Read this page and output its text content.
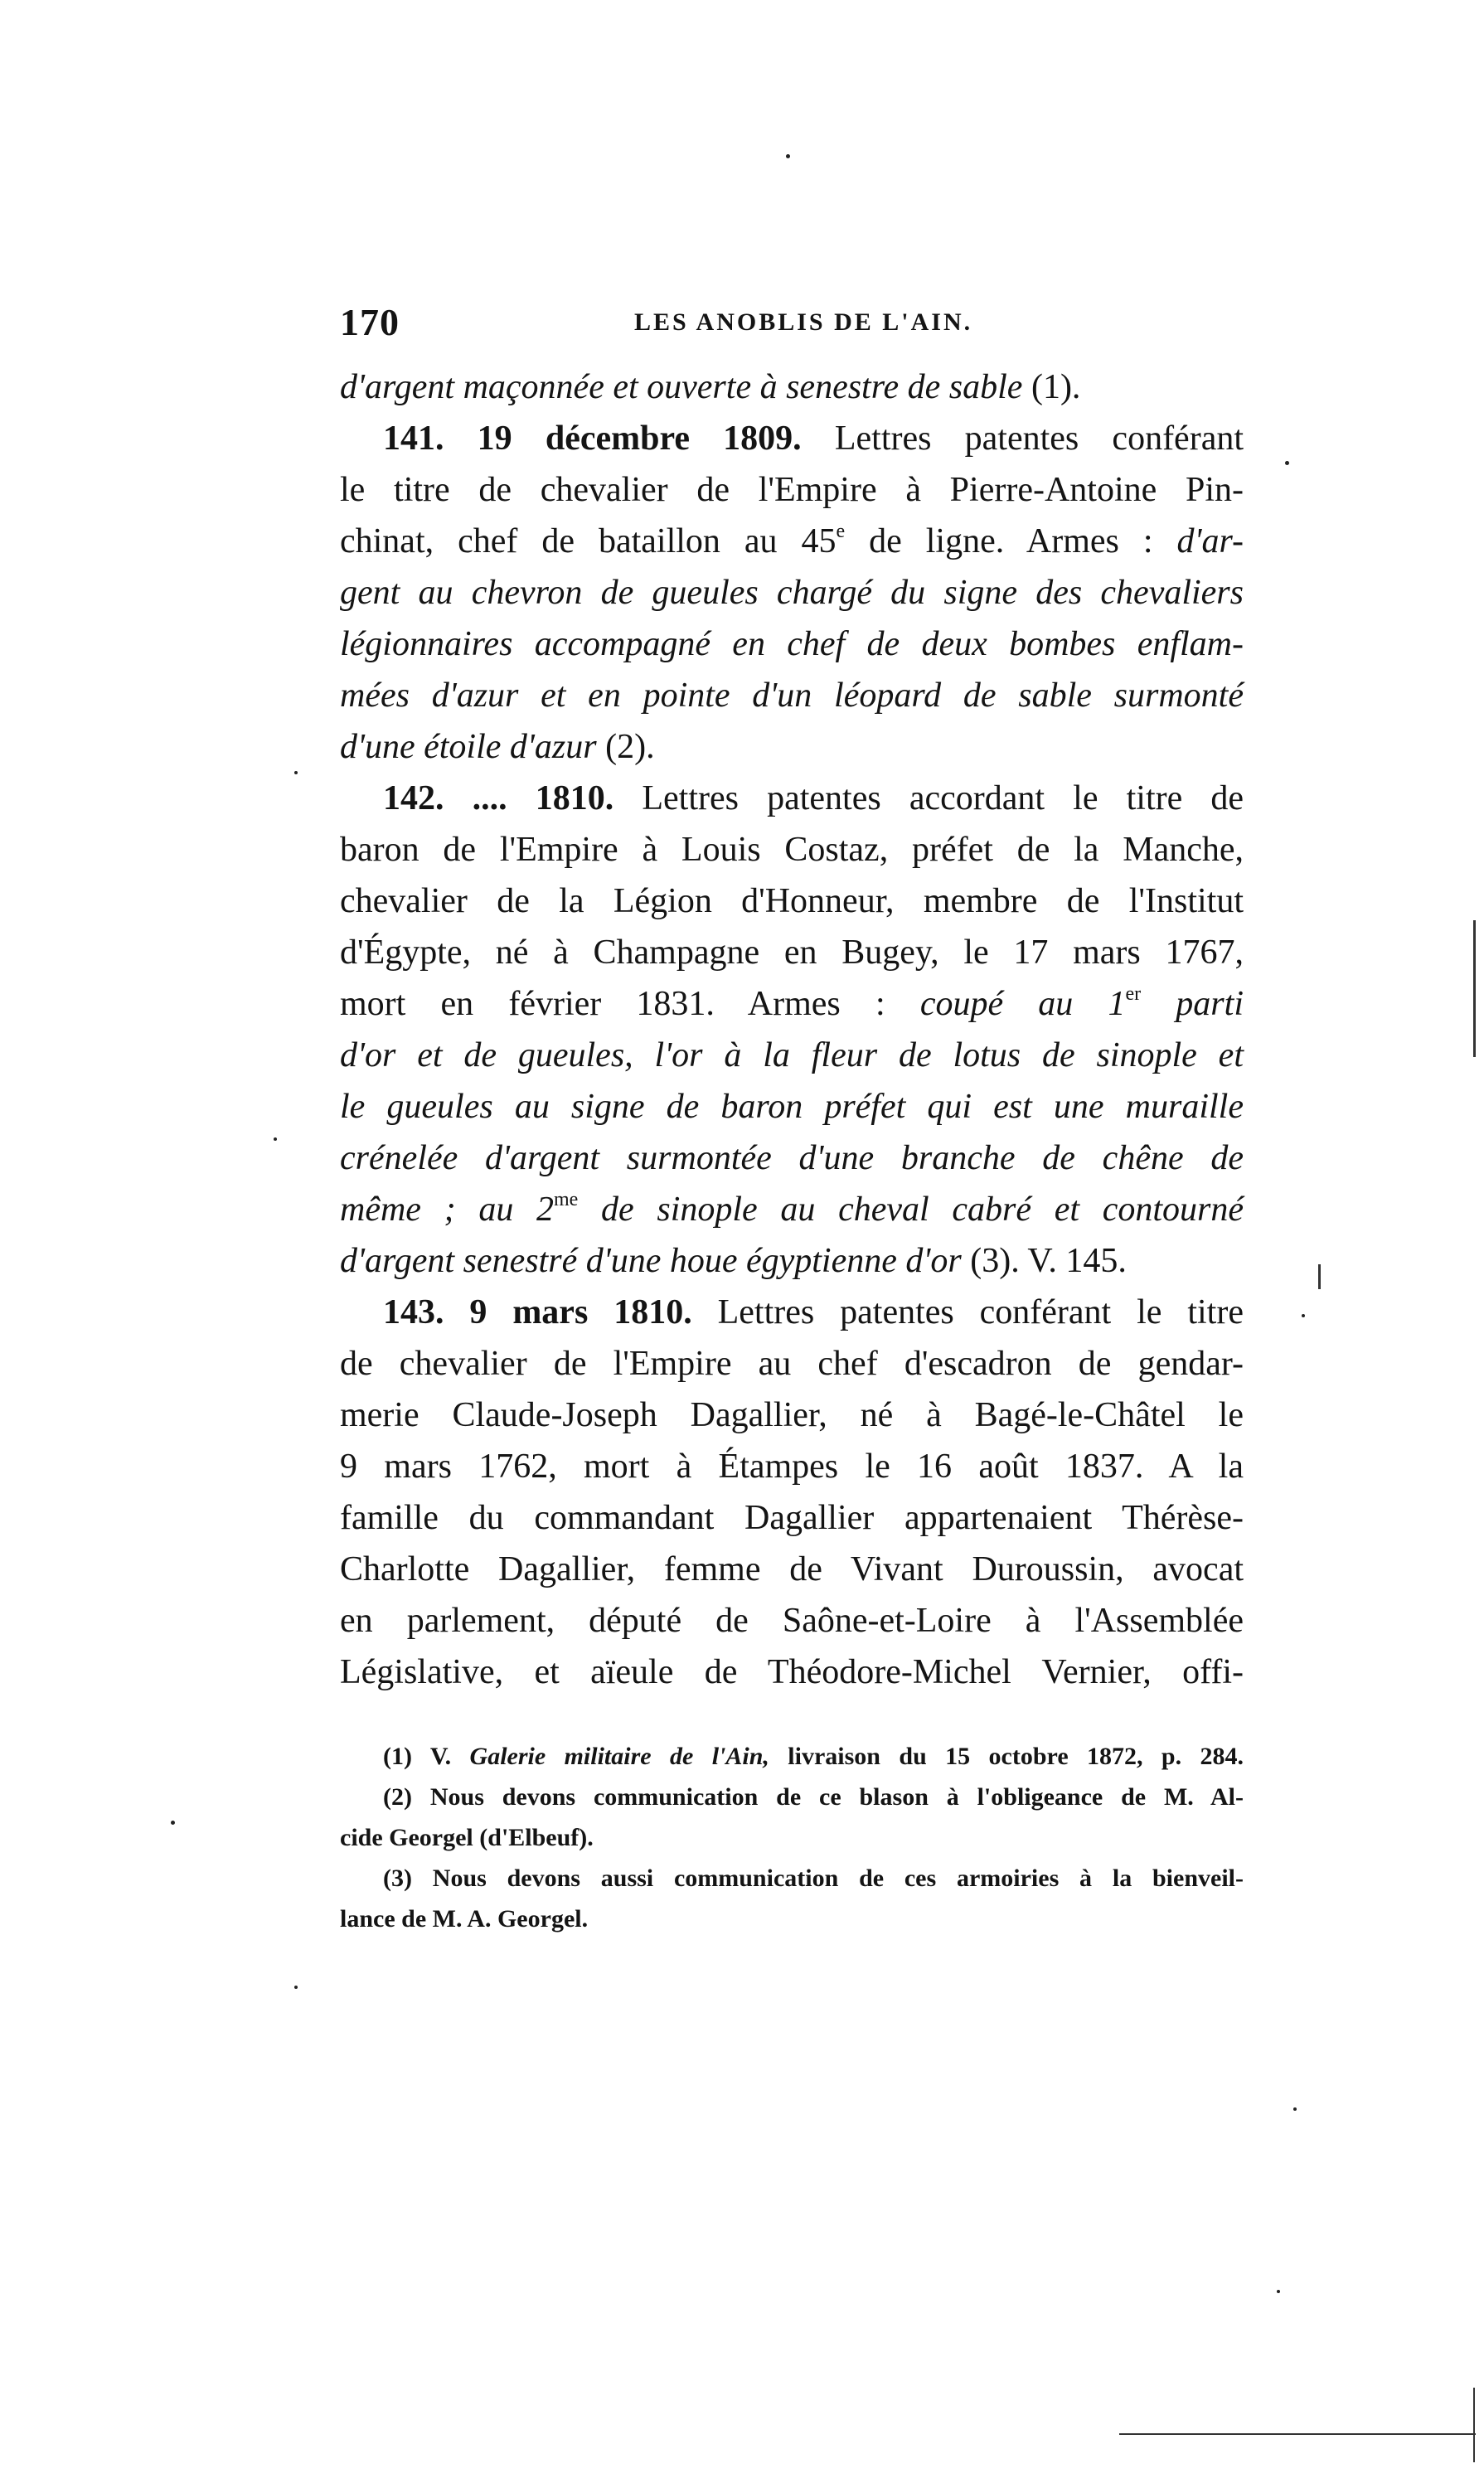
170	LES ANOBLIS DE L'AIN.
d'argent maçonnée et ouverte à senestre de sable (1).
141. 19 décembre 1809. Lettres patentes conférant
le titre de chevalier de l'Empire à Pierre-Antoine Pin-
chinat, chef de bataillon au 45e de ligne. Armes : d'ar-
gent au chevron de gueules chargé du signe des chevaliers
légionnaires accompagné en chef de deux bombes enflam-
mées d'azur et en pointe d'un léopard de sable surmonté
d'une étoile d'azur (2).
142. .... 1810. Lettres patentes accordant le titre de
baron de l'Empire à Louis Costaz, préfet de la Manche,
chevalier de la Légion d'Honneur, membre de l'Institut
d'Égypte, né à Champagne en Bugey, le 17 mars 1767,
mort en février 1831. Armes : coupé au 1er parti
d'or et de gueules, l'or à la fleur de lotus de sinople et
le gueules au signe de baron préfet qui est une muraille
crénelée d'argent surmontée d'une branche de chêne de
même ; au $2^{me}$ de sinople au cheval cabré et contourné
d'argent senestré d'une houe égyptienne d'or (3). V. 145.
143. 9 mars 1810. Lettres patentes conférant le titre
de chevalier de l'Empire au chef d'escadron de gendar-
merie Claude-Joseph Dagallier, né à Bagé-le-Châtel le
9 mars 1762, mort à Étampes le 16 août 1837. A la
famille du commandant Dagallier appartenaient Thérèse-
Charlotte Dagallier, femme de Vivant Duroussin, avocat
en parlement, député de Saône-et-Loire à l'Assemblée
Législative, et aïeule de Théodore-Michel Vernier, offi-
(1) V. Galerie militaire de l'Ain, livraison du 15 octobre 1872, p. 284.
(2) Nous devons communication de ce blason à l'obligeance de M. Al-
cide Georgel (d'Elbeuf).
(3) Nous devons aussi communication de ces armoiries à la bienveil-
lance de M. A. Georgel.
